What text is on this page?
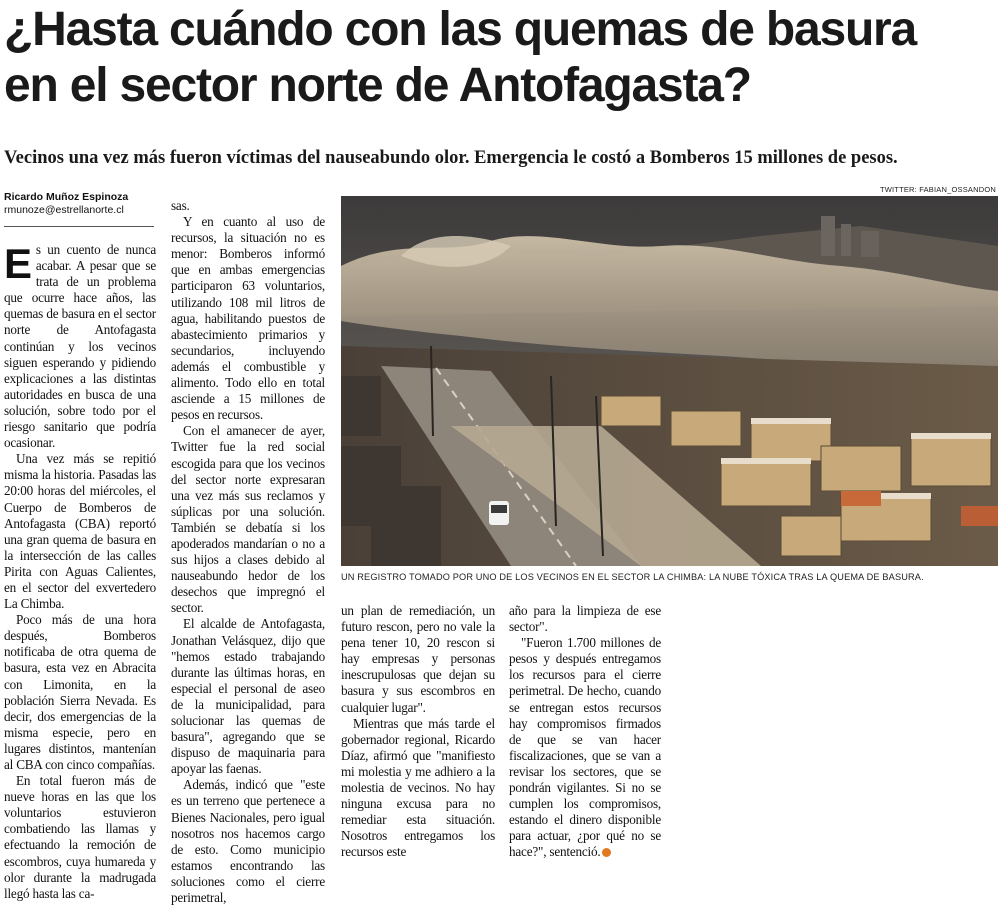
¿Hasta cuándo con las quemas de basura
en el sector norte de Antofagasta?

Vecinos una vez más fueron víctimas del nauseabundo olor. Emergencia le costó a Bomberos 15 millones de pesos.

Ricardo Muñoz Espinoza
rmunoze@estrellanorte.cl

Es un cuento de nunca acabar. A pesar que se trata de un problema que ocurre hace años, las quemas de basura en el sector norte de Antofagasta continúan y los vecinos siguen esperando y pidiendo explicaciones a las distintas autoridades en busca de una solución, sobre todo por el riesgo sanitario que podría ocasionar.

Una vez más se repitió misma la historia. Pasadas las 20:00 horas del miércoles, el Cuerpo de Bomberos de Antofagasta (CBA) reportó una gran quema de basura en la intersección de las calles Pirita con Aguas Calientes, en el sector del exvertedero La Chimba.

Poco más de una hora después, Bomberos notificaba de otra quema de basura, esta vez en Abracita con Limonita, en la población Sierra Nevada. Es decir, dos emergencias de la misma especie, pero en lugares distintos, mantenían al CBA con cinco compañías.

En total fueron más de nueve horas en las que los voluntarios estuvieron combatiendo las llamas y efectuando la remoción de escombros, cuya humareda y olor durante la madrugada llegó hasta las ca-

sas.

Y en cuanto al uso de recursos, la situación no es menor: Bomberos informó que en ambas emergencias participaron 63 voluntarios, utilizando 108 mil litros de agua, habilitando puestos de abastecimiento primarios y secundarios, incluyendo además el combustible y alimento. Todo ello en total asciende a 15 millones de pesos en recursos.

Con el amanecer de ayer, Twitter fue la red social escogida para que los vecinos del sector norte expresaran una vez más sus reclamos y súplicas por una solución. También se debatía si los apoderados mandarían o no a sus hijos a clases debido al nauseabundo hedor de los desechos que impregnó el sector.

El alcalde de Antofagasta, Jonathan Velásquez, dijo que "hemos estado trabajando durante las últimas horas, en especial el personal de aseo de la municipalidad, para solucionar las quemas de basura", agregando que se dispuso de maquinaria para apoyar las faenas.

Además, indicó que "este es un terreno que pertenece a Bienes Nacionales, pero igual nosotros nos hacemos cargo de esto. Como municipio estamos encontrando las soluciones como el cierre perimetral,

TWITTER: FABIAN_OSSANDON
UN REGISTRO TOMADO POR UNO DE LOS VECINOS EN EL SECTOR LA CHIMBA: LA NUBE TÓXICA TRAS LA QUEMA DE BASURA.

un plan de remediación, un futuro rescon, pero no vale la pena tener 10, 20 rescon si hay empresas y personas inescrupulosas que dejan su basura y sus escombros en cualquier lugar".

Mientras que más tarde el gobernador regional, Ricardo Díaz, afirmó que "manifiesto mi molestia y me adhiero a la molestia de vecinos. No hay ninguna excusa para no remediar esta situación. Nosotros entregamos los recursos este

año para la limpieza de ese sector".

"Fueron 1.700 millones de pesos y después entregamos los recursos para el cierre perimetral. De hecho, cuando se entregan estos recursos hay compromisos firmados de que se van hacer fiscalizaciones, que se van a revisar los sectores, que se pondrán vigilantes. Si no se cumplen los compromisos, estando el dinero disponible para actuar, ¿por qué no se hace?", sentenció.
